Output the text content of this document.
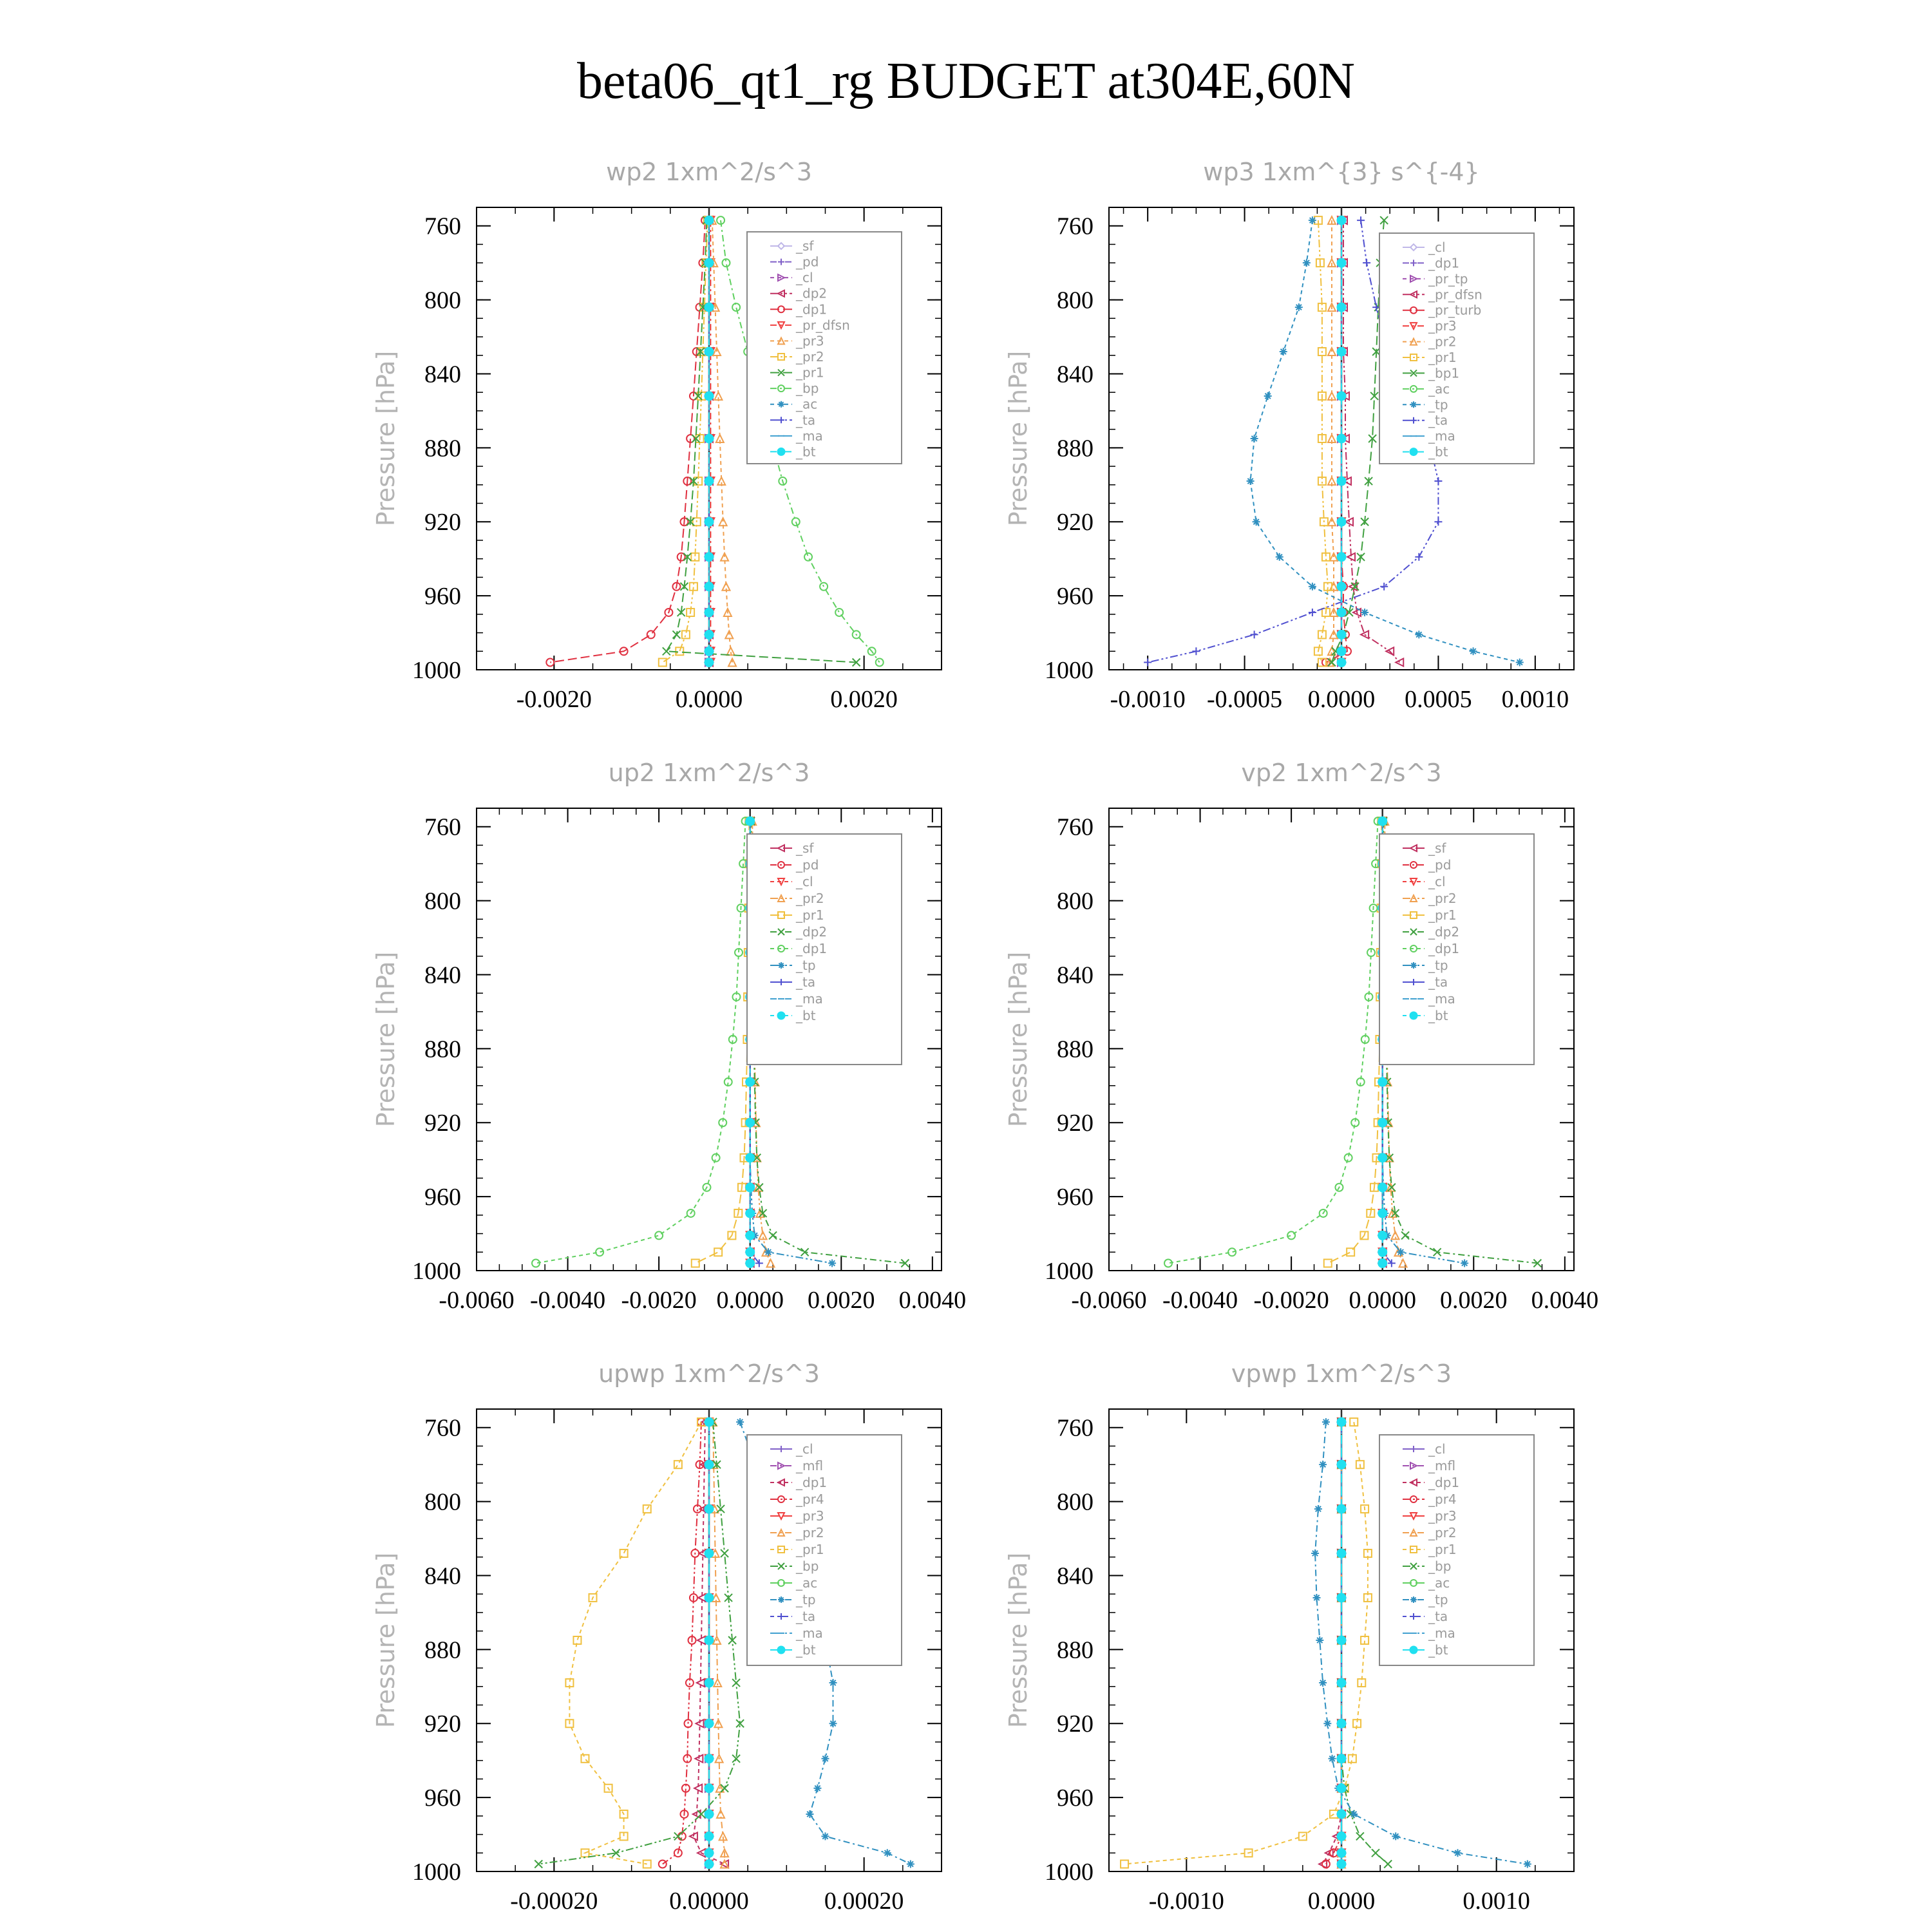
beta06_qt1_rg BUDGET at304E,60N
wp2 1xm^2/s^3
Pressure [hPa]
760
800
840
880
920
960
1000
-0.0020	0.0000	0.0020
_sf
_pd
_cl
_dp2
_dp1
_pr_dfsn
_pr3
_pr2
_pr1
_bp
_ac
_ta
_ma
_bt
wp3 1xm^{3} s^{-4}
Pressure [hPa]
760
800
840
880
920
960
1000
-0.0010 -0.0005 0.0000 0.0005 0.0010
_cl
_dp1
_pr_tp
_pr_dfsn
_pr_turb
_pr3
_pr2
_pr1
_bp1
_ac
_tp
_ta
_ma
_bt
up2 1xm^2/s^3
Pressure [hPa]
760
800
840
880
920
960
1000
-0.0060 -0.0040 -0.0020 0.0000 0.0020 0.0040
_sf
_pd
_cl
_pr2
_pr1
_dp2
_dp1
_tp
_ta
_ma
_bt
vp2 1xm^2/s^3
Pressure [hPa]
760
800
840
880
920
960
1000
-0.0060 -0.0040 -0.0020 0.0000 0.0020 0.0040
_sf
_pd
_cl
_pr2
_pr1
_dp2
_dp1
_tp
_ta
_ma
_bt
upwp 1xm^2/s^3
Pressure [hPa]
760
800
840
880
920
960
1000
-0.00020	0.00000	0.00020
_cl
_mfl
_dp1
_pr4
_pr3
_pr2
_pr1
_bp
_ac
_tp
_ta
_ma
_bt
vpwp 1xm^2/s^3
Pressure [hPa]
760
800
840
880
920
960
1000
-0.0010	0.0000	0.0010
_cl
_mfl
_dp1
_pr4
_pr3
_pr2
_pr1
_bp
_ac
_tp
_ta
_ma
_bt
